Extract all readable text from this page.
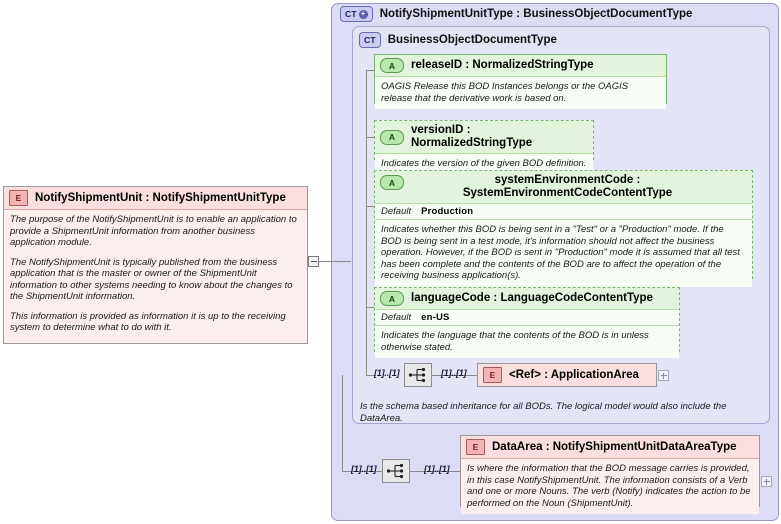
CT + NotifyShipmentUnitType : BusinessObjectDocumentType
CT	BusinessObjectDocumentType
A	releaseID : NormalizedStringType
OAGIS Release this BOD Instances belongs or the OAGIS release that the derivative work is based on.
A
versionID : NormalizedStringType
Indicates the version of the given BOD definition.
A	systemEnvironmentCode : SystemEnvironmentCodeContentType
Default Production
Indicates whether this BOD is being sent in a "Test" or a "Production" mode. If the BOD is being sent in a test mode, it's information should not affect the business operation. However, if the BOD is sent in "Production" mode it is assumed that all test has been complete and the contents of the BOD are to affect the operation of the receiving business application(s).
A	languageCode : LanguageCodeContentType
Default en-US
Indicates the language that the contents of the BOD is in unless otherwise stated.
[1]..[1]	[1]..[1]	E	<Ref> : ApplicationArea
Is the schema based inheritance for all BODs. The logical model would also include the DataArea.
[1]..[1]	[1]..[1]
E	DataArea : NotifyShipmentUnitDataAreaType
Is where the information that the BOD message carries is provided, in this case NotifyShipmentUnit. The information consists of a Verb and one or more Nouns. The verb (Notify) indicates the action to be performed on the Noun (ShipmentUnit).
E	NotifyShipmentUnit : NotifyShipmentUnitType

The purpose of the NotifyShipmentUnit is to enable an application to provide a ShipmentUnit information from another business application module.

The NotifyShipmentUnit is typically published from the business application that is the master or owner of the ShipmentUnit information to other systems needing to know about the changes to the ShipmentUnit information.

This information is provided as information it is up to the receiving system to determine what to do with it.
